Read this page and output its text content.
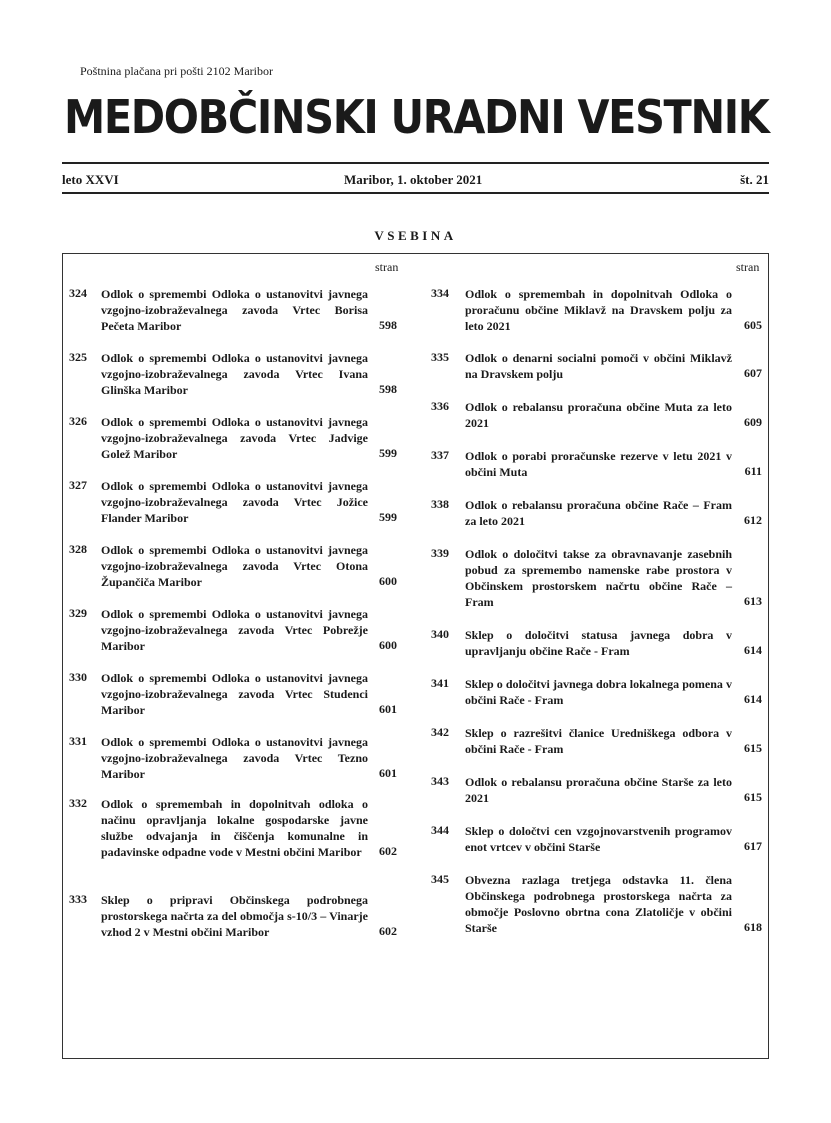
Poštnina plačana pri pošti 2102 Maribor
MEDOBČINSKI URADNI VESTNIK
leto XXVI	Maribor, 1. oktober 2021	št. 21
VSEBINA
stran
324 Odlok o spremembi Odloka o ustanovitvi javnega vzgojno-izobraževalnega zavoda Vrtec Borisa Pečeta Maribor	598
325 Odlok o spremembi Odloka o ustanovitvi javnega vzgojno-izobraževalnega zavoda Vrtec Ivana Glinška Maribor	598
326 Odlok o spremembi Odloka o ustanovitvi javnega vzgojno-izobraževalnega zavoda Vrtec Jadvige Golež Maribor	599
327 Odlok o spremembi Odloka o ustanovitvi javnega vzgojno-izobraževalnega zavoda Vrtec Jožice Flander Maribor	599
328 Odlok o spremembi Odloka o ustanovitvi javnega vzgojno-izobraževalnega zavoda Vrtec Otona Župančiča Maribor	600
329 Odlok o spremembi Odloka o ustanovitvi javnega vzgojno-izobraževalnega zavoda Vrtec Pobrežje Maribor	600
330 Odlok o spremembi Odloka o ustanovitvi javnega vzgojno-izobraževalnega zavoda Vrtec Studenci Maribor	601
331 Odlok o spremembi Odloka o ustanovitvi javnega vzgojno-izobraževalnega zavoda Vrtec Tezno Maribor	601
332 Odlok o spremembah in dopolnitvah odloka o načinu opravljanja lokalne gospodarske javne službe odvajanja in čiščenja komunalne in padavinske odpadne vode v Mestni občini Maribor	602
333 Sklep o pripravi Občinskega podrobnega prostorskega načrta za del območja s-10/3 – Vinarje vzhod 2 v Mestni občini Maribor	602
stran
334 Odlok o spremembah in dopolnitvah Odloka o proračunu občine Miklavž na Dravskem polju za leto 2021	605
335 Odlok o denarni socialni pomoči v občini Miklavž na Dravskem polju	607
336 Odlok o rebalansu proračuna občine Muta za leto 2021	609
337 Odlok o porabi proračunske rezerve v letu 2021 v občini Muta	611
338 Odlok o rebalansu proračuna občine Rače – Fram za leto 2021	612
339 Odlok o določitvi takse za obravnavanje zasebnih pobud za spremembo namenske rabe prostora v Občinskem prostorskem načrtu občine Rače – Fram	613
340 Sklep o določitvi statusa javnega dobra v upravljanju občine Rače - Fram	614
341 Sklep o določitvi javnega dobra lokalnega pomena v občini Rače - Fram	614
342 Sklep o razrešitvi članice Uredniškega odbora v občini Rače - Fram	615
343 Odlok o rebalansu proračuna občine Starše za leto 2021	615
344 Sklep o določtvi cen vzgojnovarstvenih programov enot vrtcev v občini Starše	617
345 Obvezna razlaga tretjega odstavka 11. člena Občinskega podrobnega prostorskega načrta za območje Poslovno obrtna cona Zlatoličje v občini Starše	618
